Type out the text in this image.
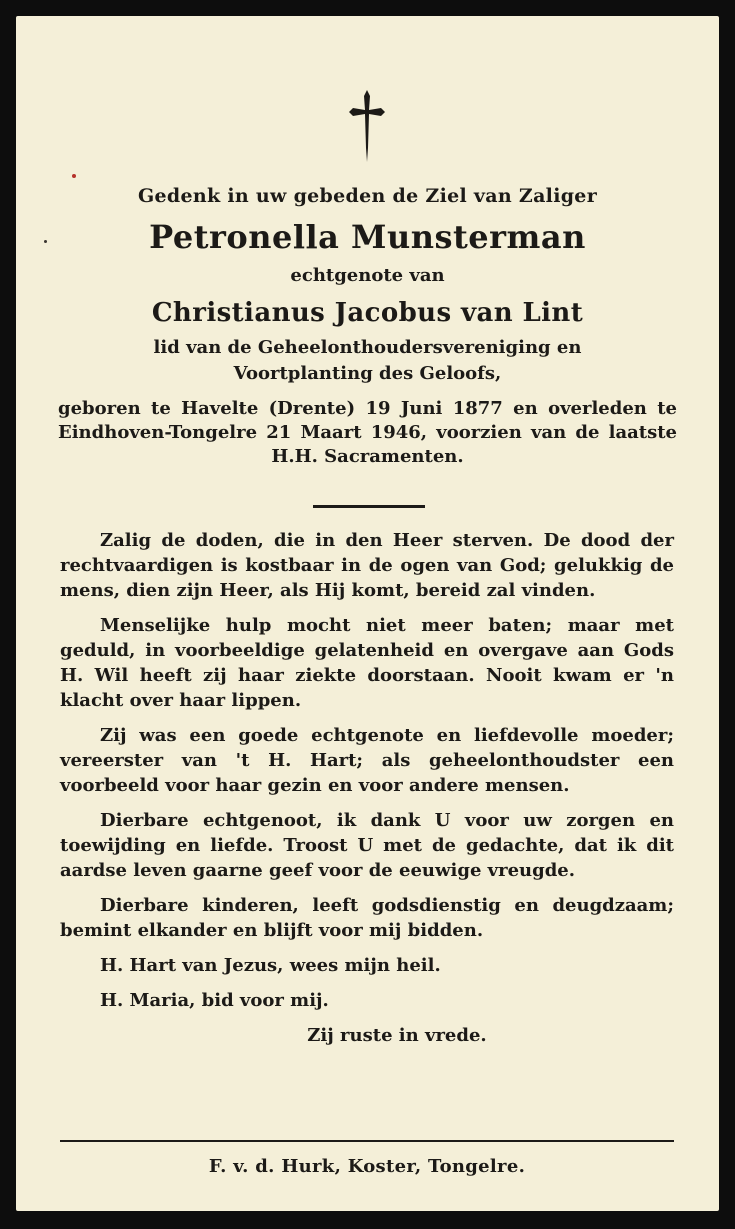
Gedenk in uw gebeden de Ziel van Zaliger
Petronella Munsterman
echtgenote van
Christianus Jacobus van Lint
lid van de Geheelonthoudersvereniging en
Voortplanting des Geloofs,
geboren te Havelte (Drente) 19 Juni 1877 en overleden te Eindhoven-Tongelre 21 Maart 1946, voorzien van de laatste H.H. Sacramenten.

Zalig de doden, die in den Heer sterven. De dood der rechtvaardigen is kostbaar in de ogen van God; gelukkig de mens, dien zijn Heer, als Hij komt, bereid zal vinden.

Menselijke hulp mocht niet meer baten; maar met geduld, in voorbeeldige gelatenheid en overgave aan Gods H. Wil heeft zij haar ziekte doorstaan. Nooit kwam er 'n klacht over haar lippen.

Zij was een goede echtgenote en liefdevolle moeder; vereerster van 't H. Hart; als geheelonthoudster een voorbeeld voor haar gezin en voor andere mensen.

Dierbare echtgenoot, ik dank U voor uw zorgen en toewijding en liefde. Troost U met de gedachte, dat ik dit aardse leven gaarne geef voor de eeuwige vreugde.

Dierbare kinderen, leeft godsdienstig en deugdzaam; bemint elkander en blijft voor mij bidden.

H. Hart van Jezus, wees mijn heil.
H. Maria, bid voor mij.
Zij ruste in vrede.
F. v. d. Hurk, Koster, Tongelre.
